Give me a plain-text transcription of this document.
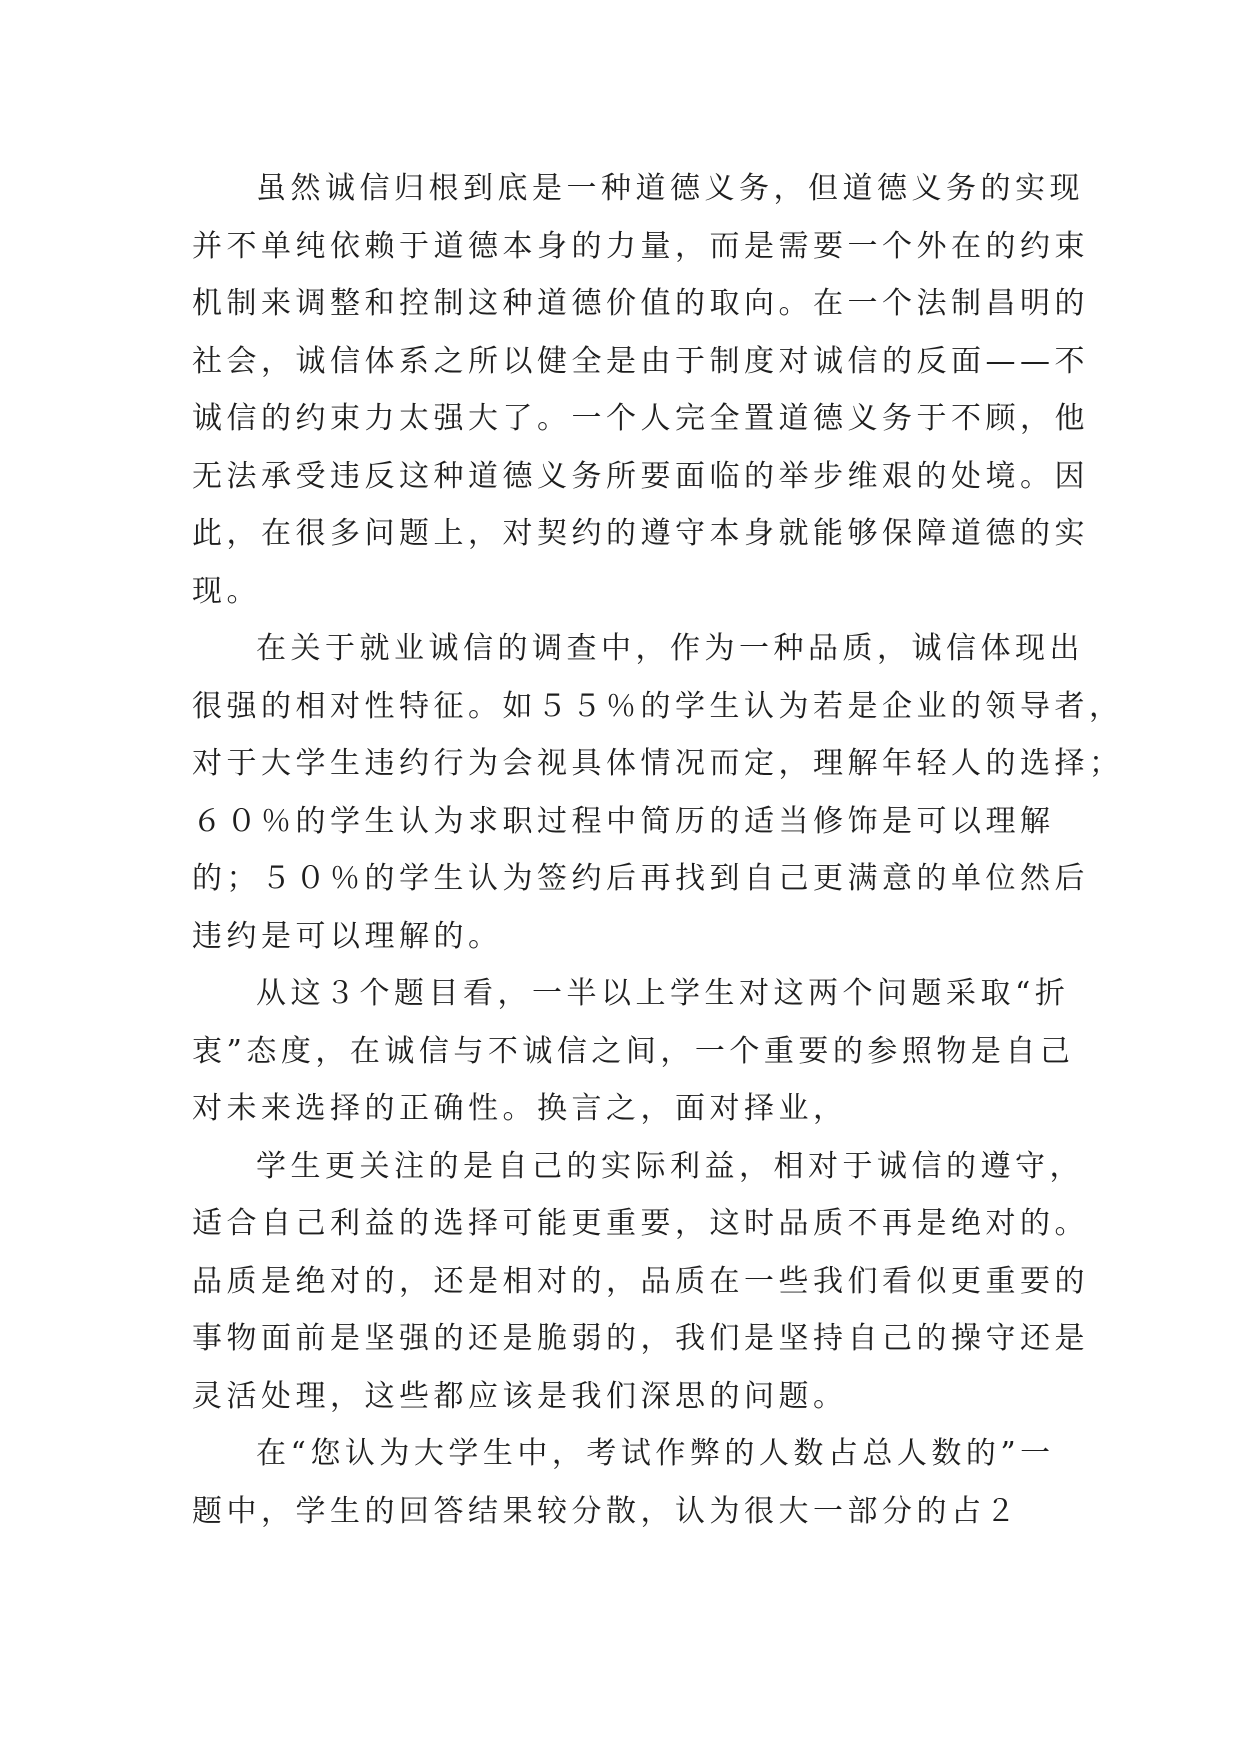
虽然诚信归根到底是一种道德义务，但道德义务的实现
并不单纯依赖于道德本身的力量，而是需要一个外在的约束
机制来调整和控制这种道德价值的取向。在一个法制昌明的
社会，诚信体系之所以健全是由于制度对诚信的反面——不
诚信的约束力太强大了。一个人完全置道德义务于不顾，他
无法承受违反这种道德义务所要面临的举步维艰的处境。因
此，在很多问题上，对契约的遵守本身就能够保障道德的实
现。
在关于就业诚信的调查中，作为一种品质，诚信体现出
很强的相对性特征。如５５％的学生认为若是企业的领导者，
对于大学生违约行为会视具体情况而定，理解年轻人的选择；
６０％的学生认为求职过程中简历的适当修饰是可以理解
的；５０％的学生认为签约后再找到自己更满意的单位然后
违约是可以理解的。
从这３个题目看，一半以上学生对这两个问题采取“折
衷”态度，在诚信与不诚信之间，一个重要的参照物是自己
对未来选择的正确性。换言之，面对择业，
学生更关注的是自己的实际利益，相对于诚信的遵守，
适合自己利益的选择可能更重要，这时品质不再是绝对的。
品质是绝对的，还是相对的，品质在一些我们看似更重要的
事物面前是坚强的还是脆弱的，我们是坚持自己的操守还是
灵活处理，这些都应该是我们深思的问题。
在“您认为大学生中，考试作弊的人数占总人数的”一
题中，学生的回答结果较分散，认为很大一部分的占２
